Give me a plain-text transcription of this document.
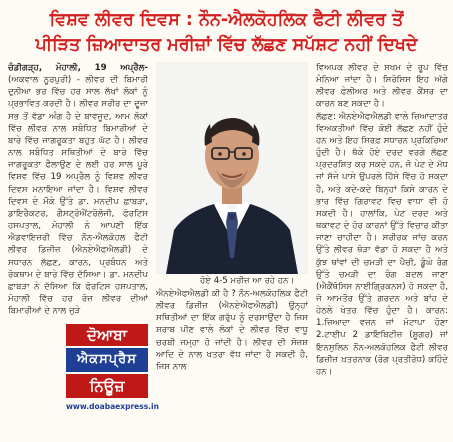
ਵਿਸ਼ਵ ਲੀਵਰ ਦਿਵਸ : ਨੌਨ-ਐਲਕੋਹਲਿਕ ਫੈਟੀ ਲੀਵਰ ਤੋਂ
ਪੀੜਿਤ ਜ਼ਿਆਦਾਤਰ ਮਰੀਜ਼ਾਂ ਵਿੱਚ ਲੱਛਣ ਸਪੱਸ਼ਟ ਨਹੀਂ ਦਿਖਦੇ

ਚੰਡੀਗੜ੍ਹ, ਮੋਹਾਲੀ, 19 ਅਪ੍ਰੈਲ- (ਅਕਵਾਲ ਨੂਰਪੁਰੀ) - ਲੀਵਰ ਦੀ ਬਿਮਾਰੀ ਦੁਨੀਆ ਭਰ ਵਿੱਚ ਹਰ ਸਾਲ ਲੱਖਾਂ ਲੋਕਾਂ ਨੂੰ ਪ੍ਰਭਾਵਿਤ ਕਰਦੀ ਹੈ। ਲੀਵਰ ਸਰੀਰ ਦਾ ਦੂਜਾ ਸਭ ਤੋਂ ਵੱਡਾ ਅੰਗ ਹੈ ਦੇ ਬਾਵਜੂਦ, ਆਮ ਲੋਕਾਂ ਵਿੱਚ ਲੀਵਰ ਨਾਲ ਸਬੰਧਿਤ ਬਿਮਾਰੀਆਂ ਦੇ ਬਾਰੇ ਵਿੱਚ ਜਾਗਰੂਕਤਾ ਬਹੁਤ ਘੱਟ ਹੈ। ਲੀਵਰ ਨਾਲ ਸਬੰਧਿਤ ਸਥਿਤੀਆਂ ਦੇ ਬਾਰੇ ਵਿੱਚ ਜਾਗਰੂਕਤਾ ਫੈਲਾਉਣ ਦੇ ਲਈ ਹਰ ਸਾਲ ਪੂਰੇ ਵਿਸ਼ਵ ਵਿੱਚ 19 ਅਪ੍ਰੈਲ ਨੂੰ ਵਿਸ਼ਵ ਲੀਵਰ ਦਿਵਸ ਮਨਾਇਆ ਜਾਂਦਾ ਹੈ। ਵਿਸ਼ਵ ਲੀਵਰ ਦਿਵਸ ਦੇ ਮੌਕੇ ਉੱਤੇ ਡਾ. ਮਨਦੀਪ ਛਾਬੜਾ, ਡਾਇਰੈਕਟਰ, ਗੈਸਟ੍ਰੋਐਂਟਰੋਲੋਜੀ, ਫੋਰਟਿਸ ਹਸਪਤਾਲ, ਮੋਹਾਲੀ ਨੇ ਆਪਣੀ ਇੱਕ ਐਡਵਾਇਜ਼ਰੀ ਵਿੱਚ ਨੌਨ-ਐਲਕੋਹਲ ਫੈਟੀ ਲੀਵਰ ਡਿਜ਼ੀਜ਼ (ਐਨਏਐਫਐਲਡੀ) ਦੇ ਸਧਾਰਨ ਲੱਛਣ, ਕਾਰਨ, ਪ੍ਰਬੰਧਨ ਅਤੇ ਰੋਕਥਾਮ ਦੇ ਬਾਰੇ ਵਿੱਚ ਦੱਸਿਆ। ਡਾ. ਮਨਦੀਪ ਛਾਬੜਾ ਨੇ ਦੱਸਿਆ ਕਿ ਫੋਰਟਿਸ ਹਸਪਤਾਲ, ਮੋਹਾਲੀ ਵਿੱਚ ਹਰ ਰੋਜ਼ ਲੀਵਰ ਦੀਆਂ ਬਿਮਾਰੀਆਂ ਦੇ ਨਾਲ ਜੁੜੇ

ਹੋਏ 4-5 ਮਰੀਜ਼ ਆ ਰਹੇ ਹਨ।

ਐਨਏਐਫਐਲਡੀ ਕੀ ਹੈ ? ਨੌਨ-ਅਲਕੋਹਲਿਕ ਫੈਟੀ ਲੀਵਰ ਡਿਜ਼ੀਜ਼ (ਐਨਏਐਫਐਲਡੀ) ਉਨ੍ਹਾਂ ਸਥਿਤੀਆਂ ਦਾ ਇੱਕ ਗਰੁੱਪ ਨੂੰ ਦਰਸਾਉਂਦਾ ਹੈ ਜਿਸ ਸ਼ਰਾਬ ਪੀਣ ਵਾਲੇ ਲੋਕਾਂ ਦੇ ਲੀਵਰ ਵਿੱਚ ਵਾਧੂ ਚਰਬੀ ਜਮ੍ਹਾ ਹੋ ਜਾਂਦੀ ਹੈ। ਲੀਵਰ ਦੀ ਸੋਜ਼ਸ਼ ਆਦਿ ਦੇ ਨਾਲ ਖਤਰਾ ਵੱਧ ਜਾਂਦਾ ਹੈ ਸਕਦੀ ਹੈ, ਜਿਸ ਨਾਲ

ਵਿਅਪਕ ਲੀਵਰ ਦੇ ਸਖਮ ਦੇ ਰੂਪ ਵਿੱਚ ਮੰਨਿਆ ਜਾਂਦਾ ਹੈ। ਸਿਰੋਸਿਸ ਇਹ ਅੱਗੇ ਲੀਵਰ ਫੇਲੀਅਰ ਅਤੇ ਲੀਵਰ ਕੈਂਸਰ ਦਾ ਕਾਰਨ ਬਣ ਸਕਦਾ ਹੈ।

ਲੱਛਣ: ਐਨਏਐਫਐਲਡੀ ਵਾਲੇ ਜ਼ਿਆਦਾਤਰ ਵਿਅਕਤੀਆਂ ਵਿੱਚ ਕੋਈ ਲੱਛਣ ਨਹੀਂ ਹੁੰਦੇ ਹਨ ਅਤੇ ਇਹ ਸਿਰਫ਼ ਸਧਾਰਨ ਪ੍ਰਕਿਰਿਆ ਹੁੰਦੀ ਹੈ। ਥੱਕੇ ਹੋਏ ਦਰਦ ਵਰਗੇ ਲੱਛਣ ਪ੍ਰਦਰਸ਼ਿਤ ਕਰ ਸਕਦੇ ਹਨ, ਜੋ ਪੇਟ ਦੇ ਮੱਧ ਜਾਂ ਸੱਜੇ ਪਾਸੇ ਉਪਰਲੇ ਹਿੱਸੇ ਵਿੱਚ ਹੋ ਸਕਦਾ ਹੈ, ਅਤੇ ਕਦੇ-ਕਦੇ ਬਿਨ੍ਹਾਂ ਕਿਸੇ ਕਾਰਨ ਦੇ ਭਾਰ ਵਿੱਚ ਗਿਰਾਵਟ ਵਿਚ ਵਾਧਾ ਵੀ ਹੋ ਸਕਦੀ ਹੈ। ਹਾਲਾਂਕਿ, ਪੇਟ ਦਰਦ ਅਤੇ ਥਕਾਵਟ ਦੇ ਹੋਰ ਕਾਰਨਾਂ ਉੱਤੇ ਵਿਚਾਰ ਕੀਤਾ ਜਾਣਾ ਚਾਹੀਦਾ ਹੈ। ਸਰੀਰਕ ਜਾਂਚ ਕਰਨ ਉੱਤੇ ਲੀਵਰ ਥੋੜਾ ਵੱਡਾ ਹੋ ਸਕਦਾ ਹੈ ਅਤੇ ਕੁੱਝ ਥਾਂਵਾਂ ਦੀ ਚਮੜੀ ਦਾ ਪੈਚੀ, ਡੂੰਘੇ ਰੰਗ ਉੱਤੇ ਚਮੜੀ ਦਾ ਰੰਗ ਬਦਲ ਜਾਣਾ (ਐਕੈਂਥੋਸਿਸ ਨਾਈਗ੍ਰਿਕਨਸ) ਹੋ ਸਕਦਾ ਹੈ, ਜੋ ਆਮਤੌਰ ਉੱਤੇ ਗਰਦਨ ਅਤੇ ਬਾਂਹ ਦੇ ਹੇਠਲੇ ਖੇਤਰ ਵਿੱਚ ਹੁੰਦਾ ਹੈ। ਕਾਰਨ: 1.ਜ਼ਿਆਦਾ ਵਜ਼ਨ ਜਾਂ ਮੋਟਾਪਾ ਹੋਣਾ 2.ਟਾਈਪ 2 ਡਾਇਬਿਟੀਜ਼ (ਸ਼ੂਗਰ) ਜਾਂ ਇਨਸੁਲਿਨ ਨੌਨ-ਅਲਕੋਹਲਿਕ ਫੈਟੀ ਲੀਵਰ ਡਿਜ਼ੀਜ਼ ਖ਼ਤਰਨਾਕ (ਰੋਗ ਪ੍ਰਤੀਰੋਧ) ਕਹਿੰਦੇ ਹਨ।

ਦੋਆਬਾ
ਐਕਸਪ੍ਰੈਸ
ਨਿਊਜ਼
www.doabaexpress.in
